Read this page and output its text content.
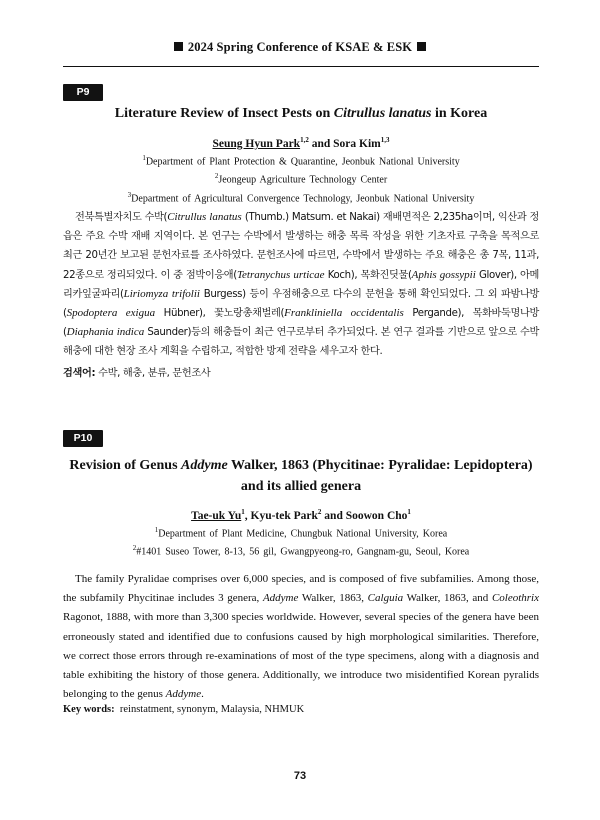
2024 Spring Conference of KSAE & ESK
P9
Literature Review of Insect Pests on Citrullus lanatus in Korea
Seung Hyun Park$^{1,2}$ and Sora Kim$^{1,3}$
$^1$Department of Plant Protection & Quarantine, Jeonbuk National University
$^2$Jeongeup Agriculture Technology Center
$^3$Department of Agricultural Convergence Technology, Jeonbuk National University
전북특별자치도 수박(Citrullus lanatus (Thumb.) Matsum. et Nakai) 재배면적은 2,235ha이며, 익산과 정읍은 주요 수박 재배 지역이다. 본 연구는 수박에서 발생하는 해충 목록 작성을 위한 기초자료 구축을 목적으로 최근 20년간 보고된 문헌자료를 조사하였다. 문헌조사에 따르면, 수박에서 발생하는 주요 해충은 총 7목, 11과, 22종으로 정리되었다. 이 중 점박이응애(Tetranychus urticae Koch), 목화진딧물(Aphis gossypii Glover), 아메리카잎굴파리(Liriomyza trifolii Burgess) 등이 우점해충으로 다수의 문헌을 통해 확인되었다. 그 외 파밤나방(Spodoptera exigua Hübner), 꽃노랑총채벌레(Frankliniella occidentalis Pergande), 목화바둑명나방(Diaphania indica Saunder)등의 해충들이 최근 연구로부터 추가되었다. 본 연구 결과를 기반으로 앞으로 수박 해충에 대한 현장 조사 계획을 수립하고, 적합한 방제 전략을 세우고자 한다.
검색어: 수박, 해충, 분류, 문헌조사
P10
Revision of Genus Addyme Walker, 1863 (Phycitinae: Pyralidae: Lepidoptera) and its allied genera
Tae-uk Yu$^1$, Kyu-tek Park$^2$ and Soowon Cho$^1$
$^1$Department of Plant Medicine, Chungbuk National University, Korea
$^2$#1401 Suseo Tower, 8-13, 56 gil, Gwangpyeong-ro, Gangnam-gu, Seoul, Korea
The family Pyralidae comprises over 6,000 species, and is composed of five subfamilies. Among those, the subfamily Phycitinae includes 3 genera, Addyme Walker, 1863, Calguia Walker, 1863, and Coleothrix Ragonot, 1888, with more than 3,300 species worldwide. However, several species of the genera have been erroneously stated and identified due to confusions caused by high morphological similarities. Therefore, we correct those errors through re-examinations of most of the type specimens, along with a diagnosis and table exhibiting the history of those genera. Additionally, we introduce two misidentified Korean pyralids belonging to the genus Addyme.
Key words:  reinstatment, synonym, Malaysia, NHMUK
73
